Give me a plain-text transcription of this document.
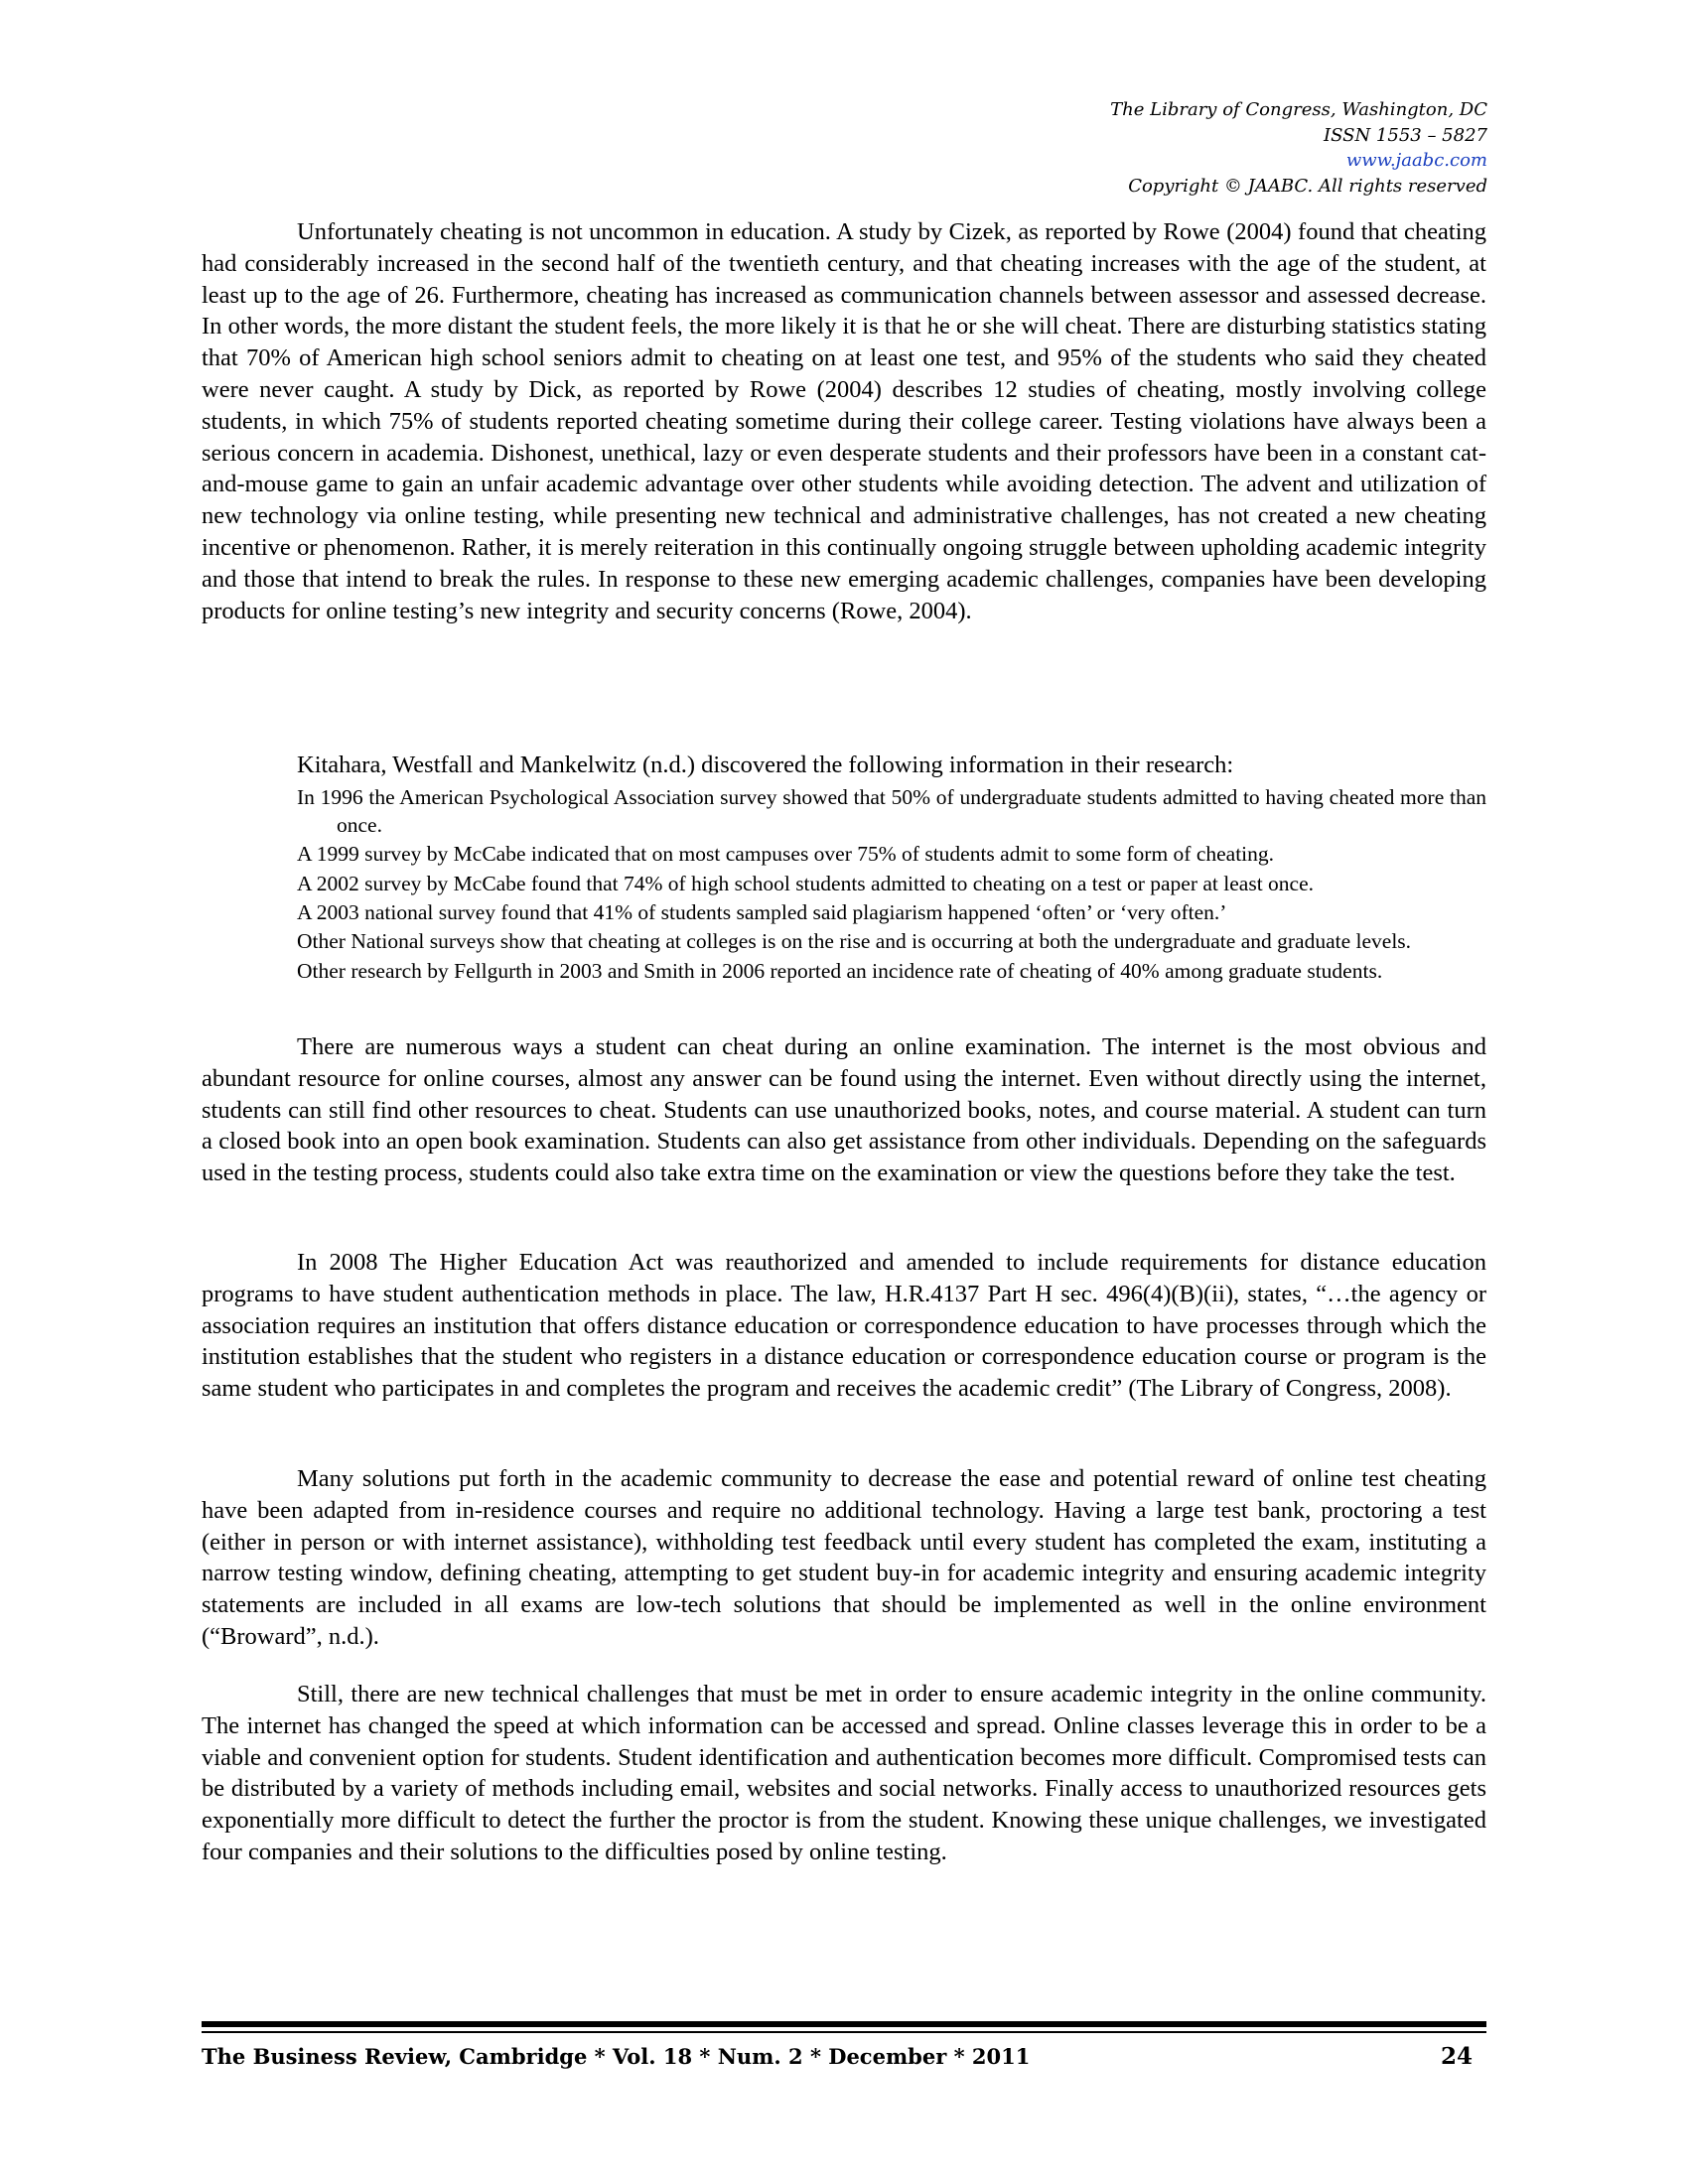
The Library of Congress, Washington, DC
ISSN 1553 – 5827
www.jaabc.com
Copyright © JAABC. All rights reserved

Unfortunately cheating is not uncommon in education. A study by Cizek, as reported by Rowe (2004) found that cheating had considerably increased in the second half of the twentieth century, and that cheating increases with the age of the student, at least up to the age of 26. Furthermore, cheating has increased as communication channels between assessor and assessed decrease. In other words, the more distant the student feels, the more likely it is that he or she will cheat. There are disturbing statistics stating that 70% of American high school seniors admit to cheating on at least one test, and 95% of the students who said they cheated were never caught. A study by Dick, as reported by Rowe (2004) describes 12 studies of cheating, mostly involving college students, in which 75% of students reported cheating sometime during their college career. Testing violations have always been a serious concern in academia. Dishonest, unethical, lazy or even desperate students and their professors have been in a constant cat-and-mouse game to gain an unfair academic advantage over other students while avoiding detection. The advent and utilization of new technology via online testing, while presenting new technical and administrative challenges, has not created a new cheating incentive or phenomenon. Rather, it is merely reiteration in this continually ongoing struggle between upholding academic integrity and those that intend to break the rules. In response to these new emerging academic challenges, companies have been developing products for online testing’s new integrity and security concerns (Rowe, 2004).

Kitahara, Westfall and Mankelwitz (n.d.) discovered the following information in their research:

In 1996 the American Psychological Association survey showed that 50% of undergraduate students admitted to having cheated more than once.
A 1999 survey by McCabe indicated that on most campuses over 75% of students admit to some form of cheating.
A 2002 survey by McCabe found that 74% of high school students admitted to cheating on a test or paper at least once.
A 2003 national survey found that 41% of students sampled said plagiarism happened ‘often’ or ‘very often.’
Other National surveys show that cheating at colleges is on the rise and is occurring at both the undergraduate and graduate levels.
Other research by Fellgurth in 2003 and Smith in 2006 reported an incidence rate of cheating of 40% among graduate students.

There are numerous ways a student can cheat during an online examination. The internet is the most obvious and abundant resource for online courses, almost any answer can be found using the internet. Even without directly using the internet, students can still find other resources to cheat. Students can use unauthorized books, notes, and course material. A student can turn a closed book into an open book examination. Students can also get assistance from other individuals. Depending on the safeguards used in the testing process, students could also take extra time on the examination or view the questions before they take the test.

In 2008 The Higher Education Act was reauthorized and amended to include requirements for distance education programs to have student authentication methods in place. The law, H.R.4137 Part H sec. 496(4)(B)(ii), states, “…the agency or association requires an institution that offers distance education or correspondence education to have processes through which the institution establishes that the student who registers in a distance education or correspondence education course or program is the same student who participates in and completes the program and receives the academic credit” (The Library of Congress, 2008).

Many solutions put forth in the academic community to decrease the ease and potential reward of online test cheating have been adapted from in-residence courses and require no additional technology. Having a large test bank, proctoring a test (either in person or with internet assistance), withholding test feedback until every student has completed the exam, instituting a narrow testing window, defining cheating, attempting to get student buy-in for academic integrity and ensuring academic integrity statements are included in all exams are low-tech solutions that should be implemented as well in the online environment (“Broward”, n.d.).

Still, there are new technical challenges that must be met in order to ensure academic integrity in the online community. The internet has changed the speed at which information can be accessed and spread. Online classes leverage this in order to be a viable and convenient option for students. Student identification and authentication becomes more difficult. Compromised tests can be distributed by a variety of methods including email, websites and social networks. Finally access to unauthorized resources gets exponentially more difficult to detect the further the proctor is from the student. Knowing these unique challenges, we investigated four companies and their solutions to the difficulties posed by online testing.

The Business Review, Cambridge * Vol. 18 * Num. 2 * December * 2011	24
